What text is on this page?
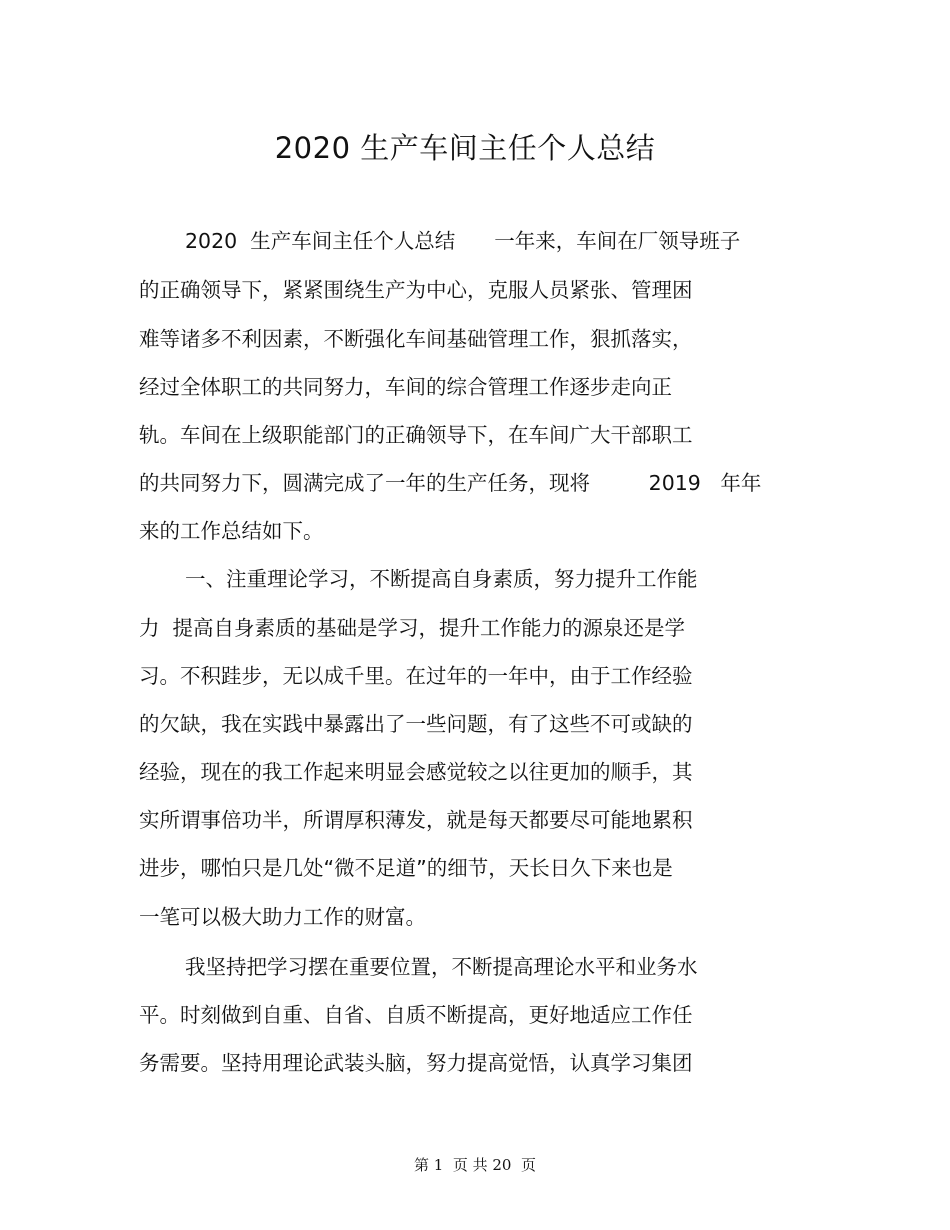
2020 生产车间主任个人总结
2020  生产车间主任个人总结      一年来，车间在厂领导班子
的正确领导下，紧紧围绕生产为中心，克服人员紧张、管理困
难等诸多不利因素，不断强化车间基础管理工作，狠抓落实，
经过全体职工的共同努力，车间的综合管理工作逐步走向正
轨。车间在上级职能部门的正确领导下，在车间广大干部职工
的共同努力下，圆满完成了一年的生产任务，现将         2019   年年
来的工作总结如下。
一、注重理论学习，不断提高自身素质，努力提升工作能
力  提高自身素质的基础是学习，提升工作能力的源泉还是学
习。不积跬步，无以成千里。在过年的一年中，由于工作经验
的欠缺，我在实践中暴露出了一些问题，有了这些不可或缺的
经验，现在的我工作起来明显会感觉较之以往更加的顺手，其
实所谓事倍功半，所谓厚积薄发，就是每天都要尽可能地累积
进步，哪怕只是几处“微不足道”的细节，天长日久下来也是
一笔可以极大助力工作的财富。
我坚持把学习摆在重要位置，不断提高理论水平和业务水
平。时刻做到自重、自省、自质不断提高，更好地适应工作任
务需要。坚持用理论武装头脑，努力提高觉悟，认真学习集团
第 1  页 共 20  页
